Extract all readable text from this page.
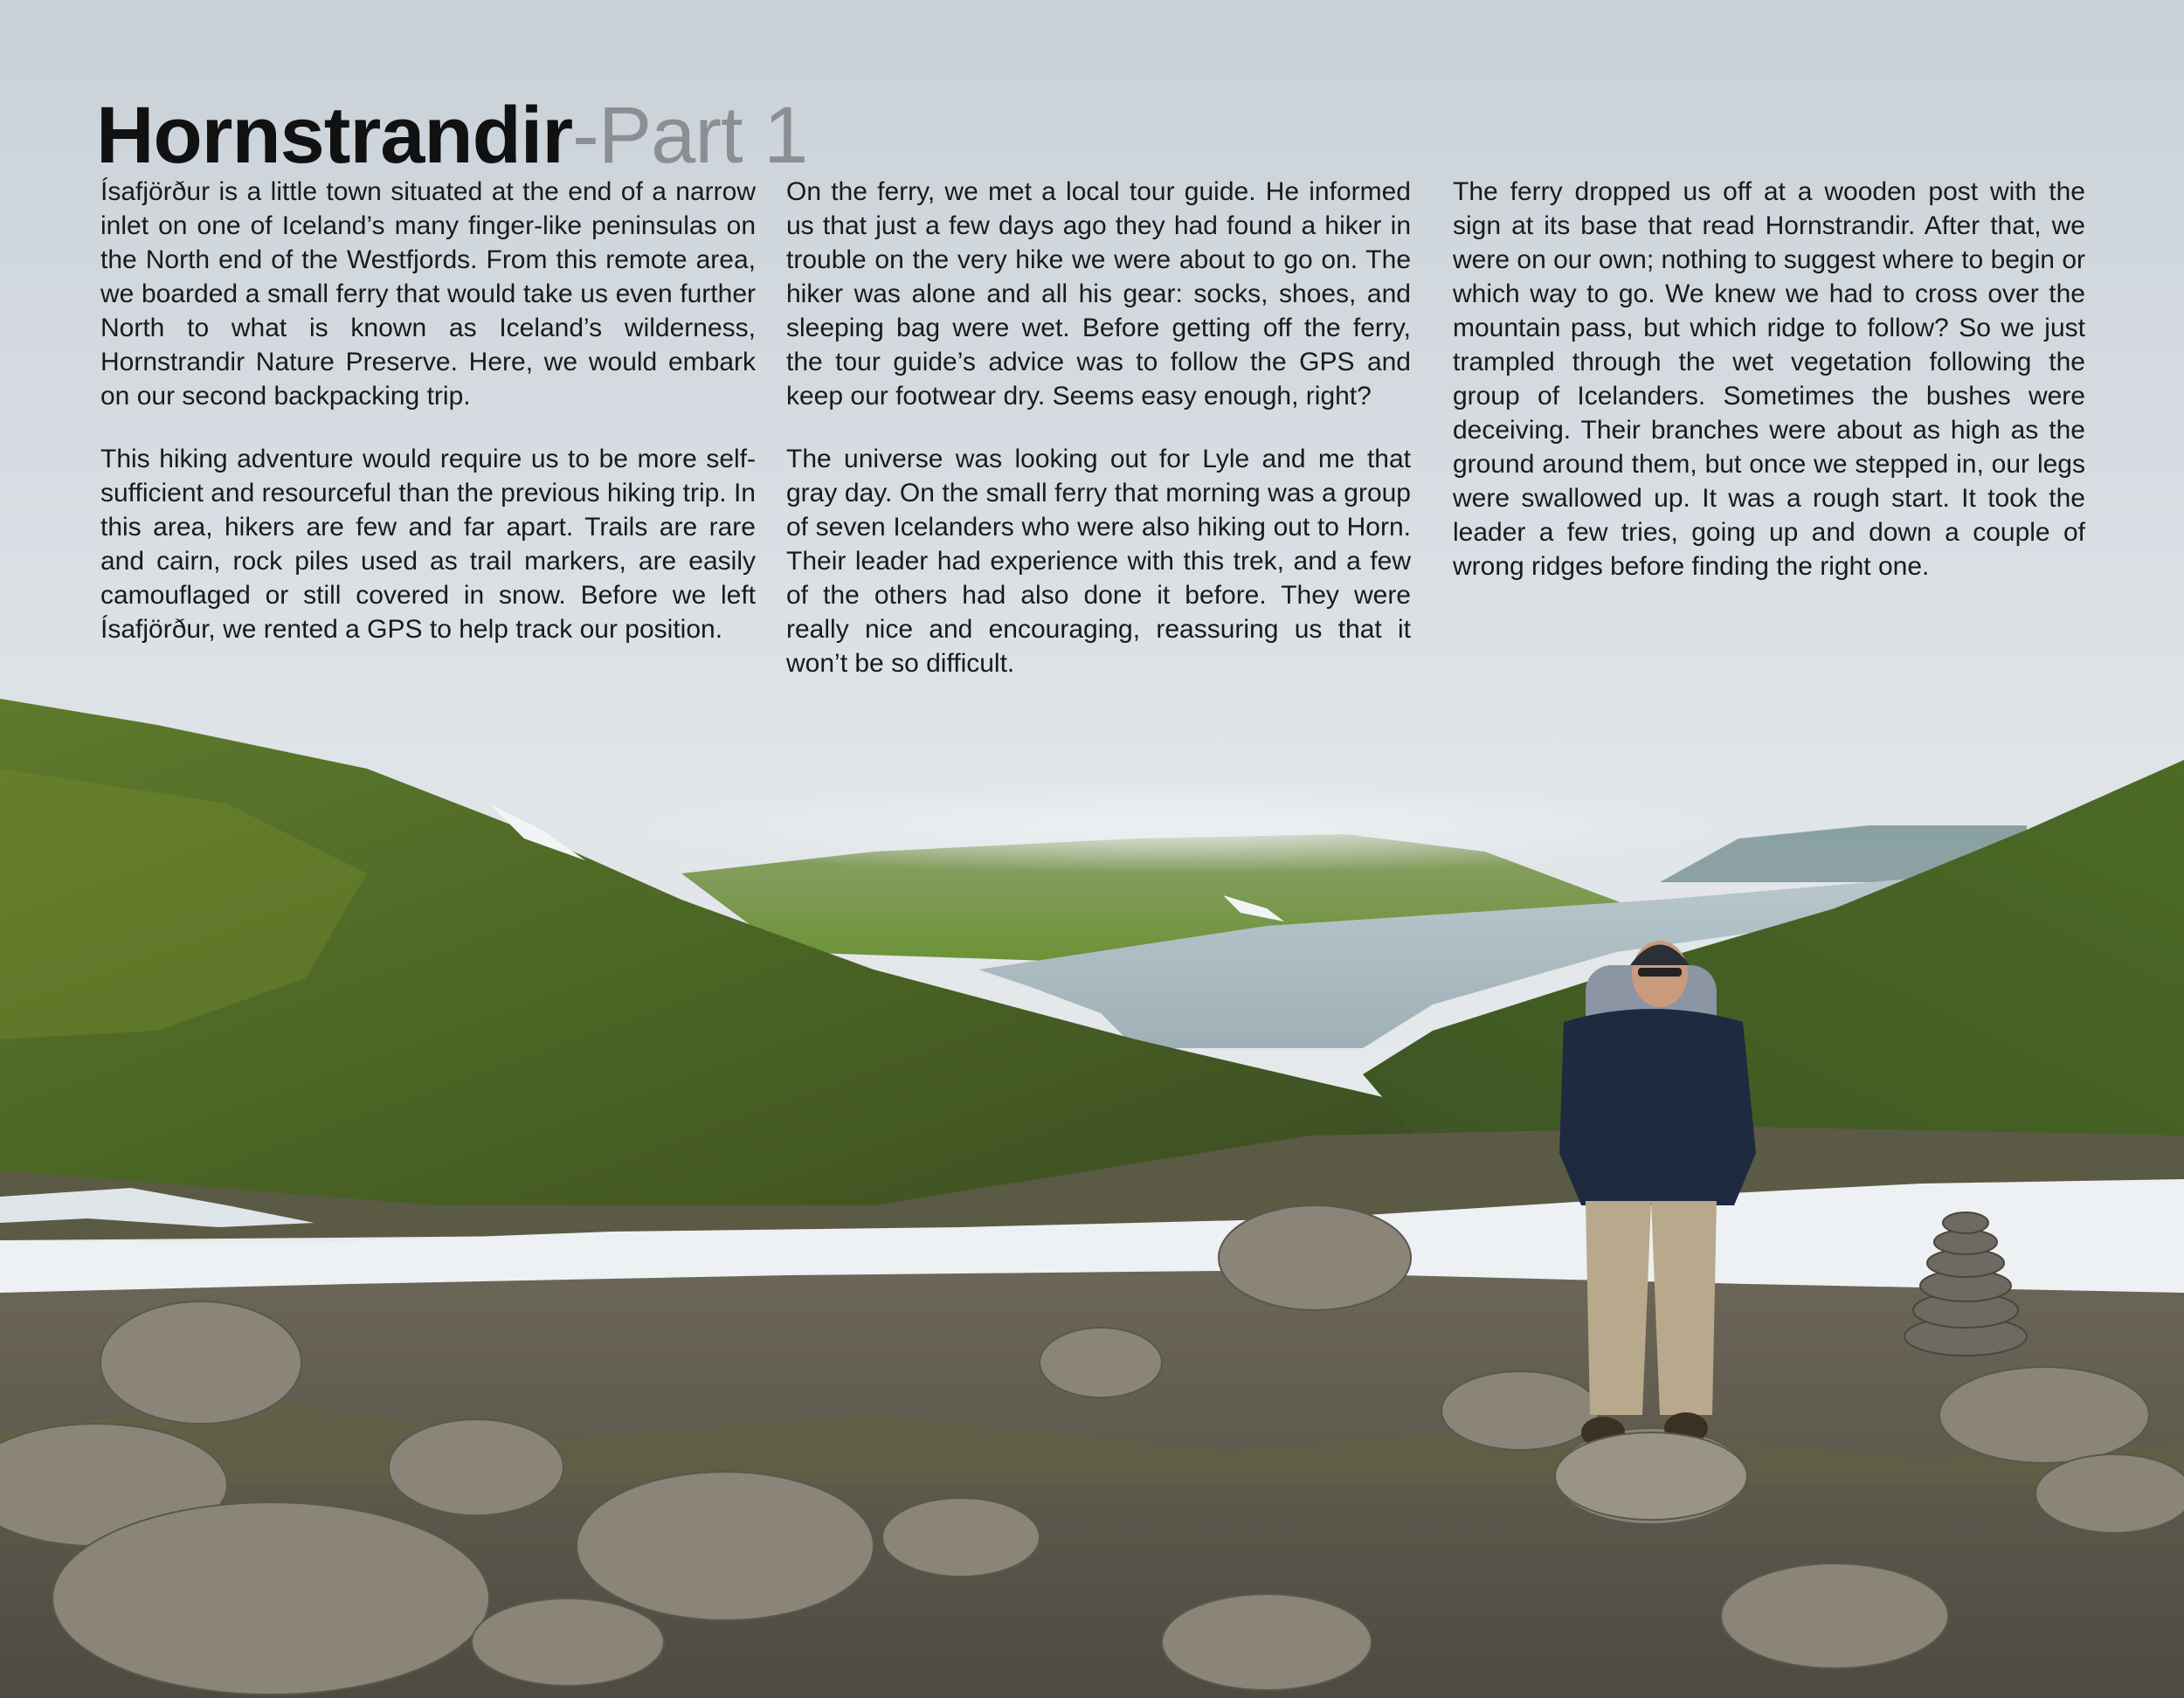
Hornstrandir-Part 1

Ísafjörður is a little town situated at the end of a narrow inlet on one of Iceland’s many finger-like peninsulas on the North end of the Westfjords. From this remote area, we boarded a small ferry that would take us even further North to what is known as Iceland’s wilderness, Hornstrandir Nature Preserve. Here, we would embark on our second backpacking trip.

This hiking adventure would require us to be more self-sufficient and resourceful than the previous hiking trip. In this area, hikers are few and far apart. Trails are rare and cairn, rock piles used as trail markers, are easily camouflaged or still covered in snow. Before we left Ísafjörður, we rented a GPS to help track our position.

On the ferry, we met a local tour guide. He informed us that just a few days ago they had found a hiker in trouble on the very hike we were about to go on. The hiker was alone and all his gear: socks, shoes, and sleeping bag were wet. Before getting off the ferry, the tour guide’s advice was to follow the GPS and keep our footwear dry. Seems easy enough, right?

The universe was looking out for Lyle and me that gray day. On the small ferry that morning was a group of seven Icelanders who were also hiking out to Horn. Their leader had experience with this trek, and a few of the others had also done it before. They were really nice and encouraging, reassuring us that it won’t be so difficult.

The ferry dropped us off at a wooden post with the sign at its base that read Hornstrandir. After that, we were on our own; nothing to suggest where to begin or which way to go. We knew we had to cross over the mountain pass, but which ridge to follow? So we just trampled through the wet vegetation following the group of Icelanders. Sometimes the bushes were deceiving. Their branches were about as high as the ground around them, but once we stepped in, our legs were swallowed up. It was a rough start. It took the leader a few tries, going up and down a couple of wrong ridges before finding the right one.
